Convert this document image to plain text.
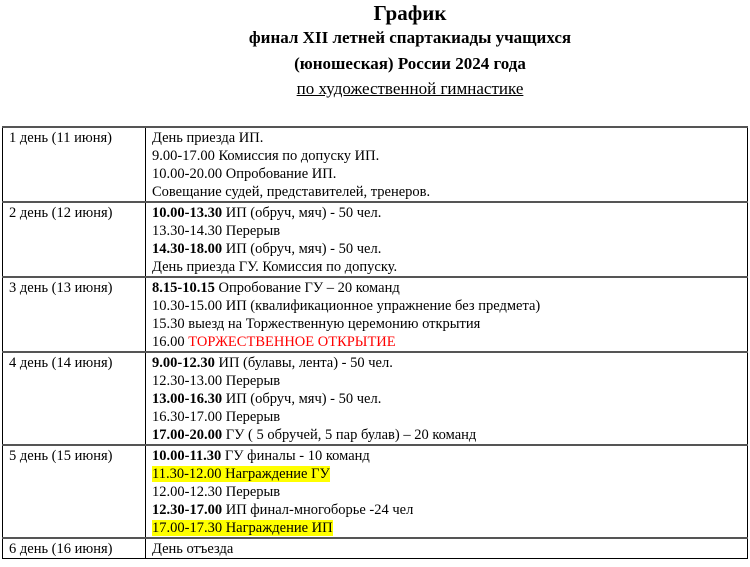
График
финал XII летней спартакиады учащихся
(юношеская) России 2024 года
по художественной гимнастике
1 день (11 июня)	День приезда ИП.
9.00-17.00 Комиссия по допуску ИП.
10.00-20.00 Опробование ИП.
Совещание судей, представителей, тренеров.

2 день (12 июня)	10.00-13.30 ИП (обруч, мяч) - 50 чел.
13.30-14.30 Перерыв
14.30-18.00 ИП (обруч, мяч) - 50 чел.
День приезда ГУ. Комиссия по допуску.

3 день (13 июня)	8.15-10.15 Опробование ГУ – 20 команд
10.30-15.00 ИП (квалификационное упражнение без предмета)
15.30 выезд на Торжественную церемонию открытия
16.00 ТОРЖЕСТВЕННОЕ ОТКРЫТИЕ

4 день (14 июня)	9.00-12.30 ИП (булавы, лента) - 50 чел.
12.30-13.00 Перерыв
13.00-16.30 ИП (обруч, мяч) - 50 чел.
16.30-17.00 Перерыв
17.00-20.00 ГУ ( 5 обручей, 5 пар булав) – 20 команд

5 день (15 июня)	10.00-11.30 ГУ финалы - 10 команд
11.30-12.00 Награждение ГУ
12.00-12.30 Перерыв
12.30-17.00 ИП финал-многоборье -24 чел
17.00-17.30 Награждение ИП

6 день (16 июня)	День отъезда
